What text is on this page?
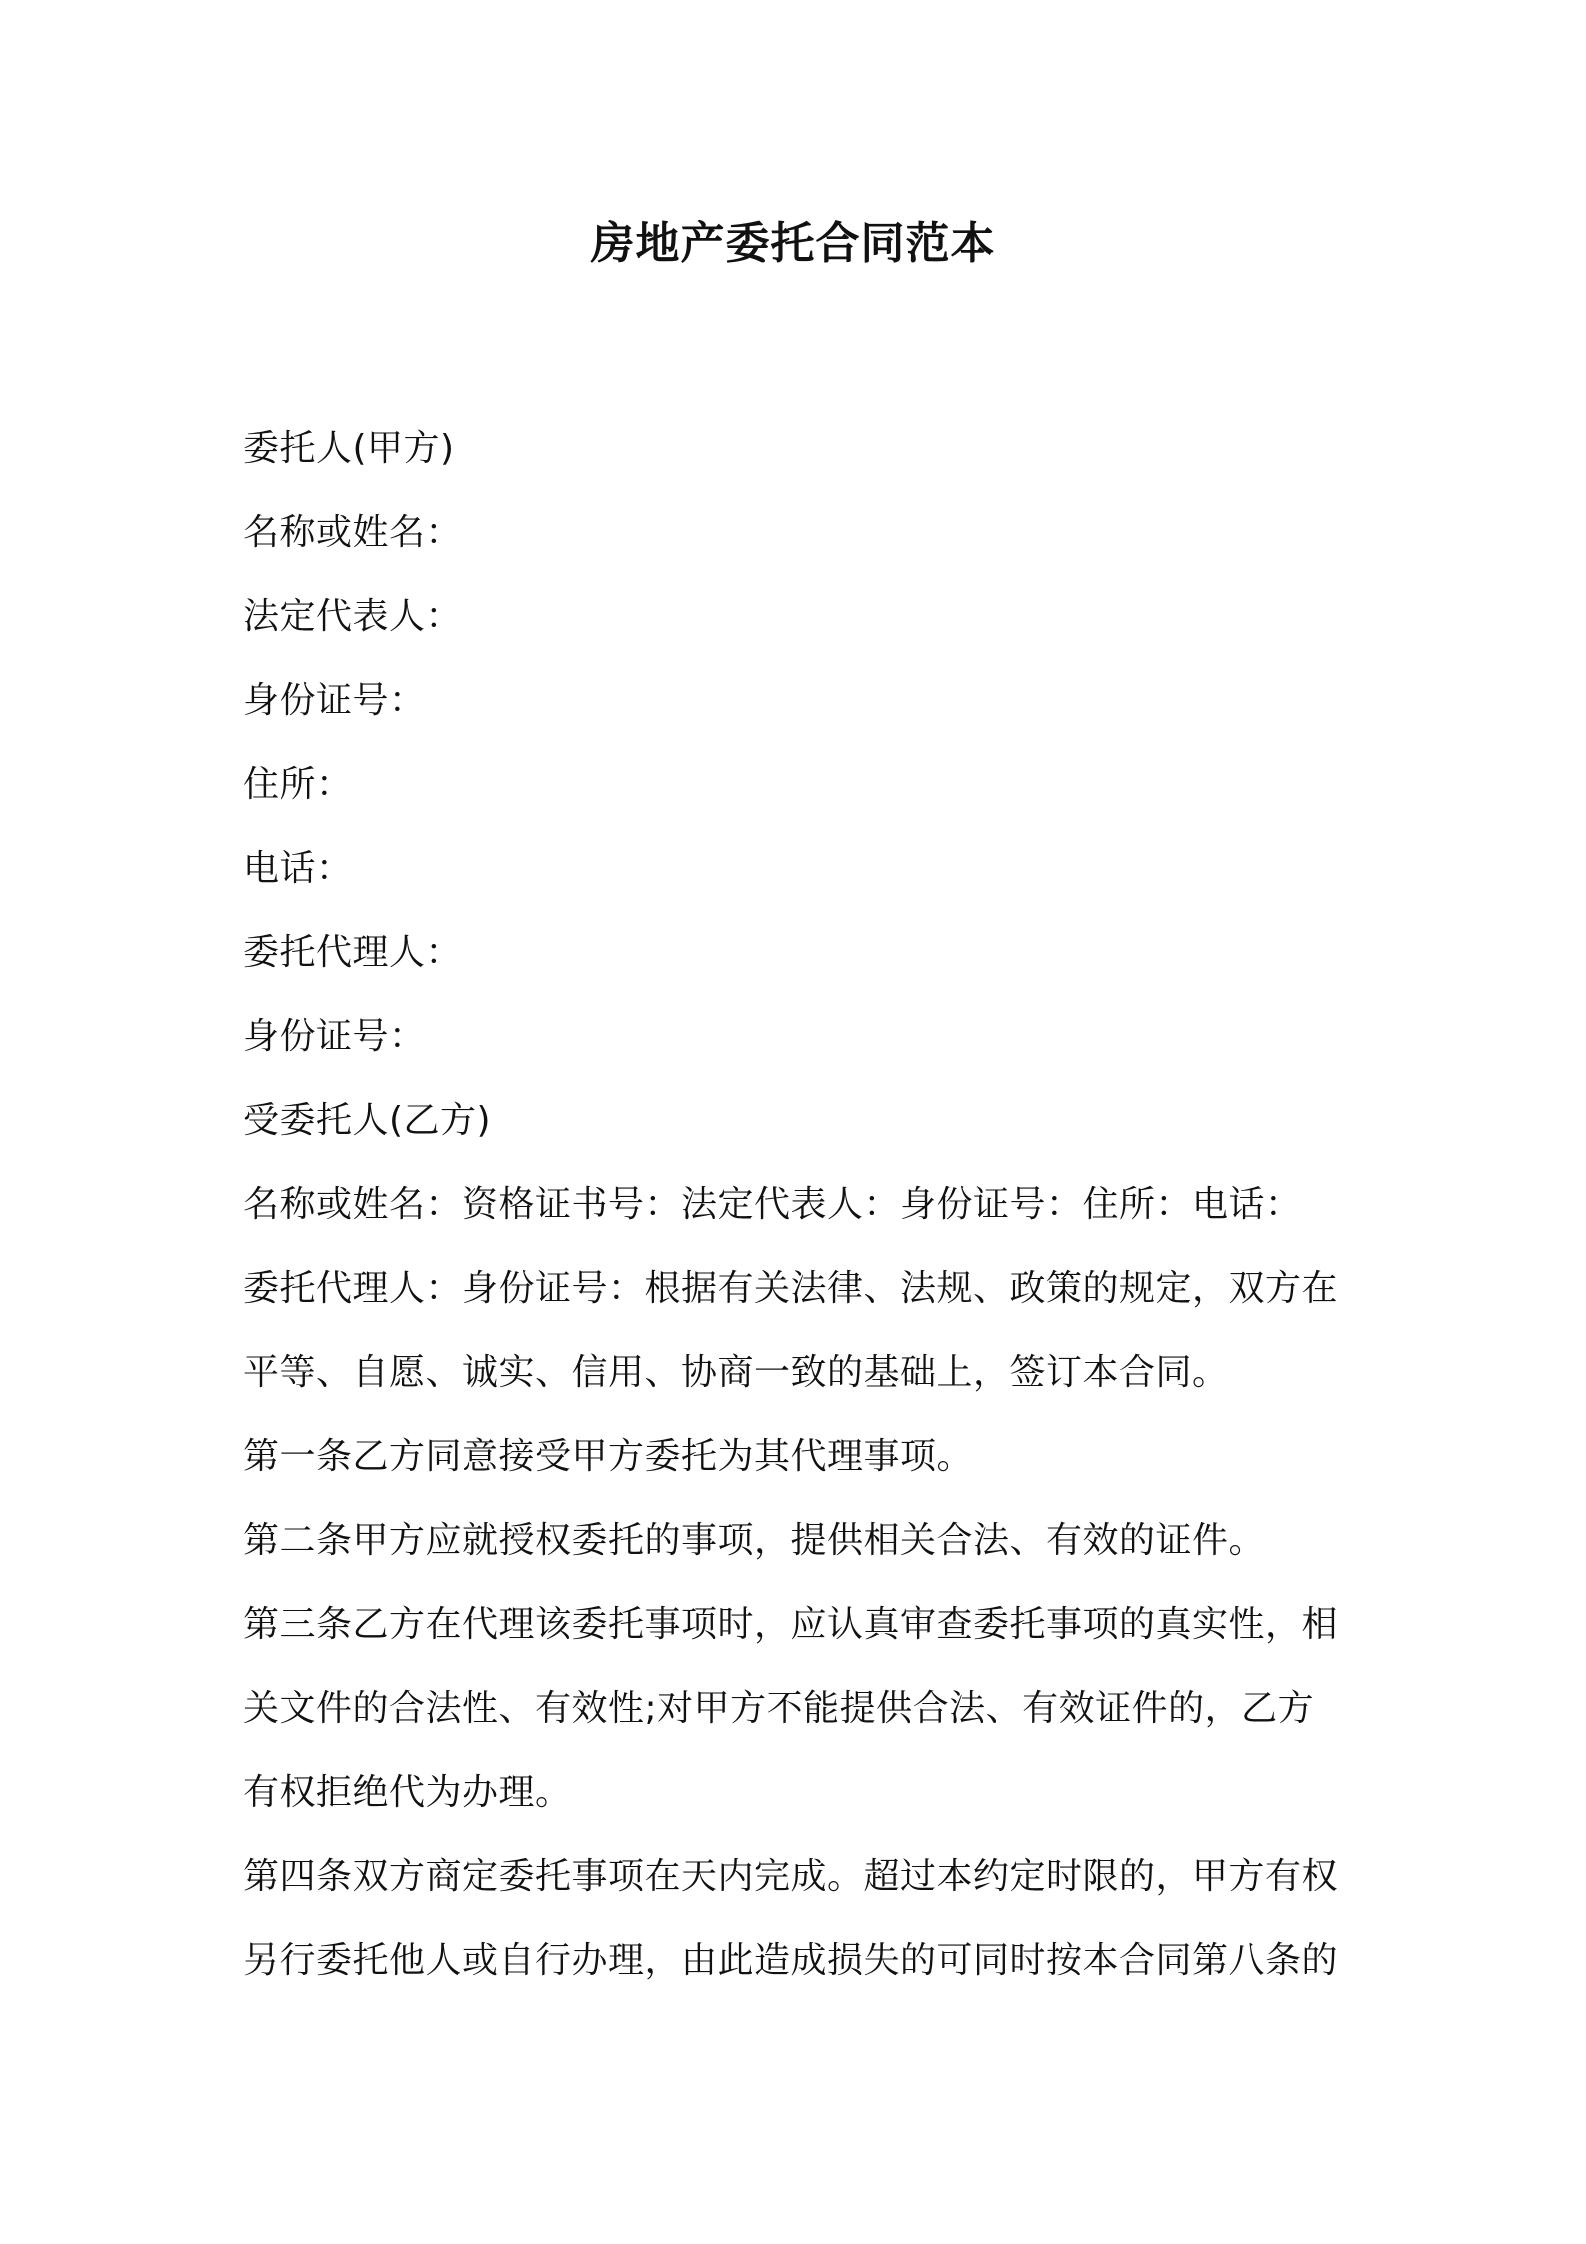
房地产委托合同范本
委托人(甲方)
名称或姓名：
法定代表人：
身份证号：
住所：
电话：
委托代理人：
身份证号：
受委托人(乙方)
名称或姓名：资格证书号：法定代表人：身份证号：住所：电话：
委托代理人：身份证号：根据有关法律、法规、政策的规定，双方在
平等、自愿、诚实、信用、协商一致的基础上，签订本合同。
第一条乙方同意接受甲方委托为其代理事项。
第二条甲方应就授权委托的事项，提供相关合法、有效的证件。
第三条乙方在代理该委托事项时，应认真审查委托事项的真实性，相
关文件的合法性、有效性;对甲方不能提供合法、有效证件的，乙方
有权拒绝代为办理。
第四条双方商定委托事项在天内完成。超过本约定时限的，甲方有权
另行委托他人或自行办理，由此造成损失的可同时按本合同第八条的
